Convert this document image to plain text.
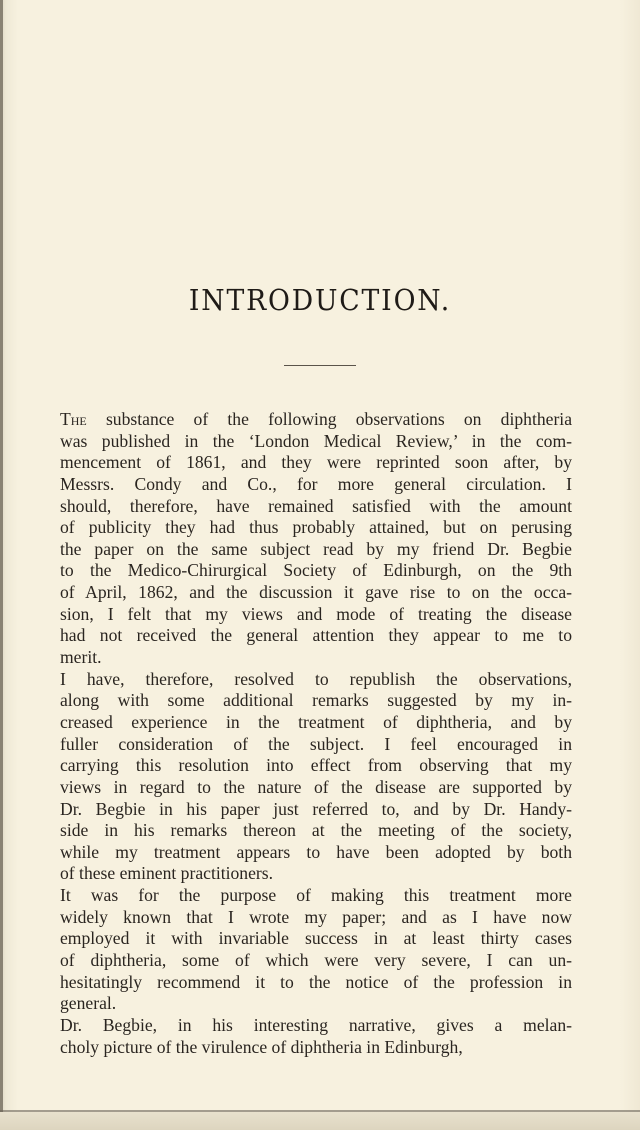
INTRODUCTION.

The substance of the following observations on diphtheria
was published in the ‘London Medical Review,’ in the com-
mencement of 1861, and they were reprinted soon after, by
Messrs. Condy and Co., for more general circulation. I
should, therefore, have remained satisfied with the amount
of publicity they had thus probably attained, but on perusing
the paper on the same subject read by my friend Dr. Begbie
to the Medico-Chirurgical Society of Edinburgh, on the 9th
of April, 1862, and the discussion it gave rise to on the occa-
sion, I felt that my views and mode of treating the disease
had not received the general attention they appear to me to
merit.

I have, therefore, resolved to republish the observations,
along with some additional remarks suggested by my in-
creased experience in the treatment of diphtheria, and by
fuller consideration of the subject. I feel encouraged in
carrying this resolution into effect from observing that my
views in regard to the nature of the disease are supported by
Dr. Begbie in his paper just referred to, and by Dr. Handy-
side in his remarks thereon at the meeting of the society,
while my treatment appears to have been adopted by both
of these eminent practitioners.

It was for the purpose of making this treatment more
widely known that I wrote my paper; and as I have now
employed it with invariable success in at least thirty cases
of diphtheria, some of which were very severe, I can un-
hesitatingly recommend it to the notice of the profession in
general.

Dr. Begbie, in his interesting narrative, gives a melan-
choly picture of the virulence of diphtheria in Edinburgh,
